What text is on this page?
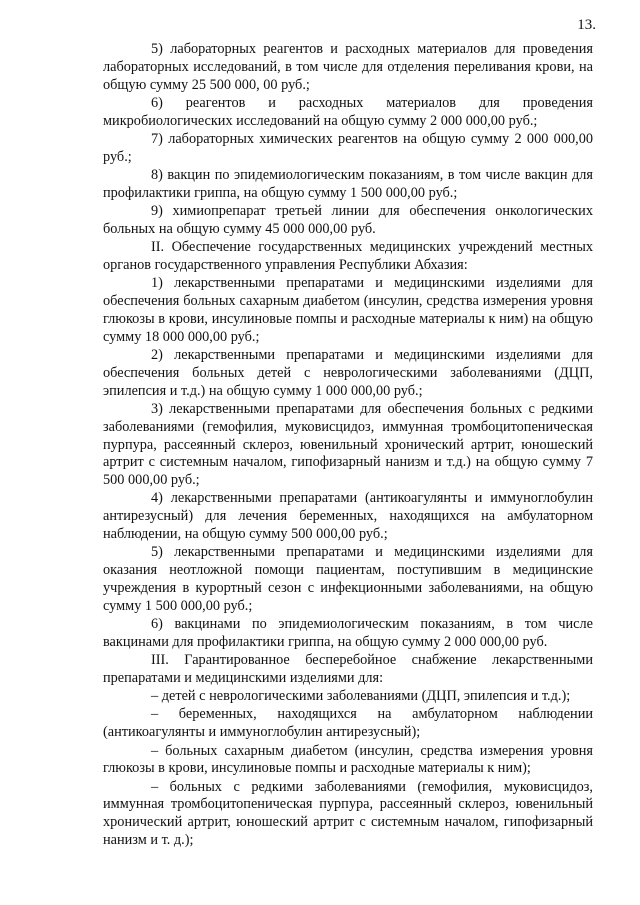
13.

5) лабораторных реагентов и расходных материалов для проведения лабораторных исследований, в том числе для отделения переливания крови, на общую сумму 25 500 000, 00 руб.;

6) реагентов и расходных материалов для проведения микробиологических исследований на общую сумму 2 000 000,00 руб.;

7) лабораторных химических реагентов на общую сумму 2 000 000,00 руб.;

8) вакцин по эпидемиологическим показаниям, в том числе вакцин для профилактики гриппа, на общую сумму 1 500 000,00 руб.;

9) химиопрепарат третьей линии для обеспечения онкологических больных на общую сумму 45 000 000,00 руб.

II. Обеспечение государственных медицинских учреждений местных органов государственного управления Республики Абхазия:

1) лекарственными препаратами и медицинскими изделиями для обеспечения больных сахарным диабетом (инсулин, средства измерения уровня глюкозы в крови, инсулиновые помпы и расходные материалы к ним) на общую сумму 18 000 000,00 руб.;

2) лекарственными препаратами и медицинскими изделиями для обеспечения больных детей с неврологическими заболеваниями (ДЦП, эпилепсия и т.д.) на общую сумму 1 000 000,00 руб.;

3) лекарственными препаратами для обеспечения больных с редкими заболеваниями (гемофилия, муковисцидоз, иммунная тромбоцитопеническая пурпура, рассеянный склероз, ювенильный хронический артрит, юношеский артрит с системным началом, гипофизарный нанизм и т.д.) на общую сумму 7 500 000,00 руб.;

4) лекарственными препаратами (антикоагулянты и иммуноглобулин антирезусный) для лечения беременных, находящихся на амбулаторном наблюдении, на общую сумму 500 000,00 руб.;

5) лекарственными препаратами и медицинскими изделиями для оказания неотложной помощи пациентам, поступившим в медицинские учреждения в курортный сезон с инфекционными заболеваниями, на общую сумму 1 500 000,00 руб.;

6) вакцинами по эпидемиологическим показаниям, в том числе вакцинами для профилактики гриппа, на общую сумму 2 000 000,00 руб.

III. Гарантированное бесперебойное снабжение лекарственными препаратами и медицинскими изделиями для:

– детей с неврологическими заболеваниями (ДЦП, эпилепсия и т.д.);

– беременных, находящихся на амбулаторном наблюдении (антикоагулянты и иммуноглобулин антирезусный);

– больных сахарным диабетом (инсулин, средства измерения уровня глюкозы в крови, инсулиновые помпы и расходные материалы к ним);

– больных с редкими заболеваниями (гемофилия, муковисцидоз, иммунная тромбоцитопеническая пурпура, рассеянный склероз, ювенильный хронический артрит, юношеский артрит с системным началом, гипофизарный нанизм и т. д.);
